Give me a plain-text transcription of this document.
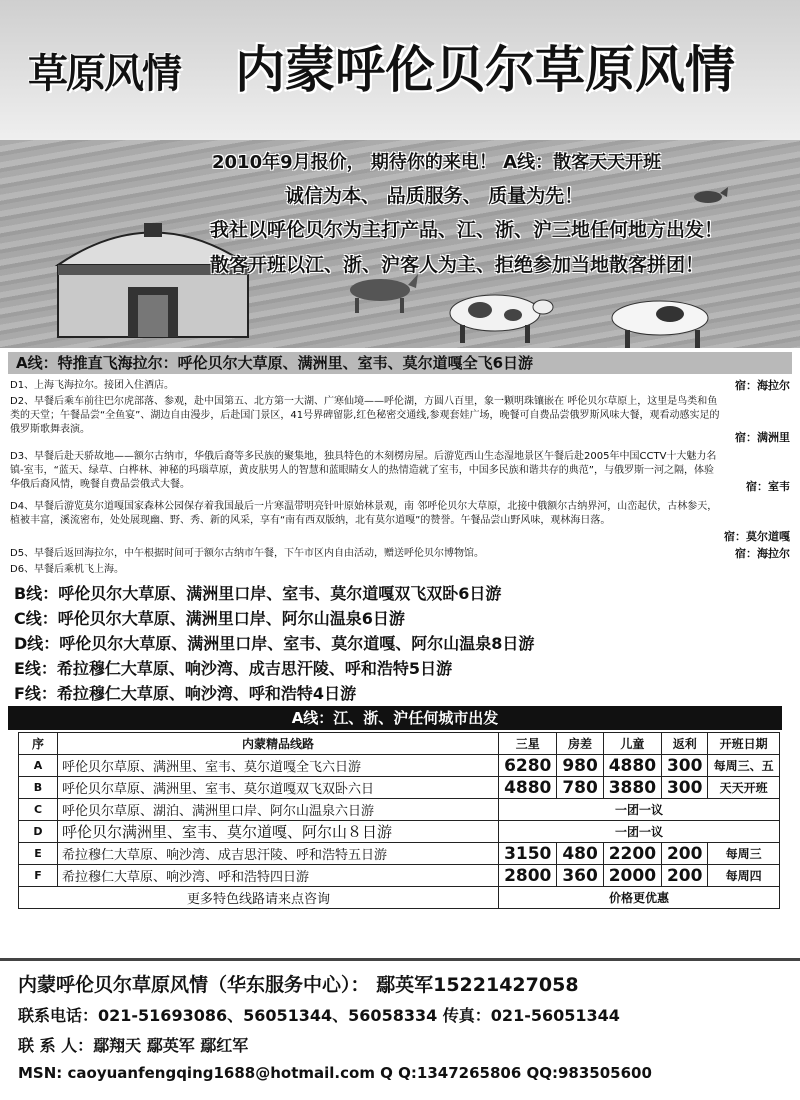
草原风情 内蒙呼伦贝尔草原风情
2010年9月报价， 期待你的来电！ A线：散客天天开班
诚信为本、 品质服务、 质量为先！
我社以呼伦贝尔为主打产品、江、浙、沪三地任何地方出发！
散客开班以江、浙、沪客人为主、拒绝参加当地散客拼团！
A线：特推直飞海拉尔：呼伦贝尔大草原、满洲里、室韦、莫尔道嘎全飞6日游
D1、上海飞海拉尔。接团入住酒店。	宿：海拉尔
D2、早餐后乘车前往巴尔虎部落、参观，赴中国第五、北方第一大湖、广寒仙境——呼伦湖，方圆八百里，象一颗明珠镶嵌在 呼伦贝尔草原上，这里是鸟类和鱼类的天堂；午餐品尝“全鱼宴”、湖边自由漫步，后赴国门景区，41号界碑留影,红色秘密交通线,参观套娃广场，晚餐可自费品尝俄罗斯风味大餐，观看动感实足的俄罗斯歌舞表演。
宿：满洲里
D3、早餐后赴天骄故地——额尔古纳市，华俄后裔等多民族的聚集地，独具特色的木刻楞房屋。后游览西山生态湿地景区午餐后赴2005年中国CCTV十大魅力名镇-室韦，“蓝天、绿草、白桦林、神秘的玛瑙草原，黄皮肤男人的智慧和蓝眼睛女人的热情造就了室韦，中国多民族和谐共存的典范”，与俄罗斯一河之隔，体验华俄后裔风情，晚餐自费品尝俄式大餐。	宿：室韦
D4、早餐后游览莫尔道嘎国家森林公园保存着我国最后一片寒温带明亮针叶原始林景观，南 邻呼伦贝尔大草原，北接中俄额尔古纳界河，山峦起伏，古林参天，植被丰富，溪流密布，处处展现幽、野、秀、新的风采，享有“南有西双版纳，北有莫尔道嘎”的赞誉。午餐品尝山野风味，观林海日落。
宿：莫尔道嘎
D5、早餐后返回海拉尔，中午根据时间可于额尔古纳市午餐，下午市区内自由活动，赠送呼伦贝尔博物馆。	宿：海拉尔
D6、早餐后乘机飞上海。
B线：呼伦贝尔大草原、满洲里口岸、室韦、莫尔道嘎双飞双卧6日游
C线：呼伦贝尔大草原、满洲里口岸、阿尔山温泉6日游
D线：呼伦贝尔大草原、满洲里口岸、室韦、莫尔道嘎、阿尔山温泉8日游
E线：希拉穆仁大草原、响沙湾、成吉思汗陵、呼和浩特5日游
F线：希拉穆仁大草原、响沙湾、呼和浩特4日游
A线：江、浙、沪任何城市出发
序	内蒙精品线路	三星	房差	儿童	返利	开班日期
A	呼伦贝尔草原、满洲里、室韦、莫尔道嘎全飞六日游	6280	980	4880	300	每周三、五
B	呼伦贝尔草原、满洲里、室韦、莫尔道嘎双飞双卧六日	4880	780	3880	300	天天开班
C	呼伦贝尔草原、湖泊、满洲里口岸、阿尔山温泉六日游	一团一议				
D	呼伦贝尔满洲里、室韦、莫尔道嘎、阿尔山８日游	一团一议				
E	希拉穆仁大草原、响沙湾、成吉思汗陵、呼和浩特五日游	3150	480	2200	200	每周三
F	希拉穆仁大草原、响沙湾、呼和浩特四日游	2800	360	2000	200	每周四
更多特色线路请来点咨询		价格更优惠				
内蒙呼伦贝尔草原风情（华东服务中心）： 鄢英军15221427058
联系电话：021-51693086、56051344、56058334 传真：021-56051344
联 系 人：鄢翔天 鄢英军 鄢红军
MSN: caoyuanfengqing1688@hotmail.com Q Q:1347265806 QQ:983505600
